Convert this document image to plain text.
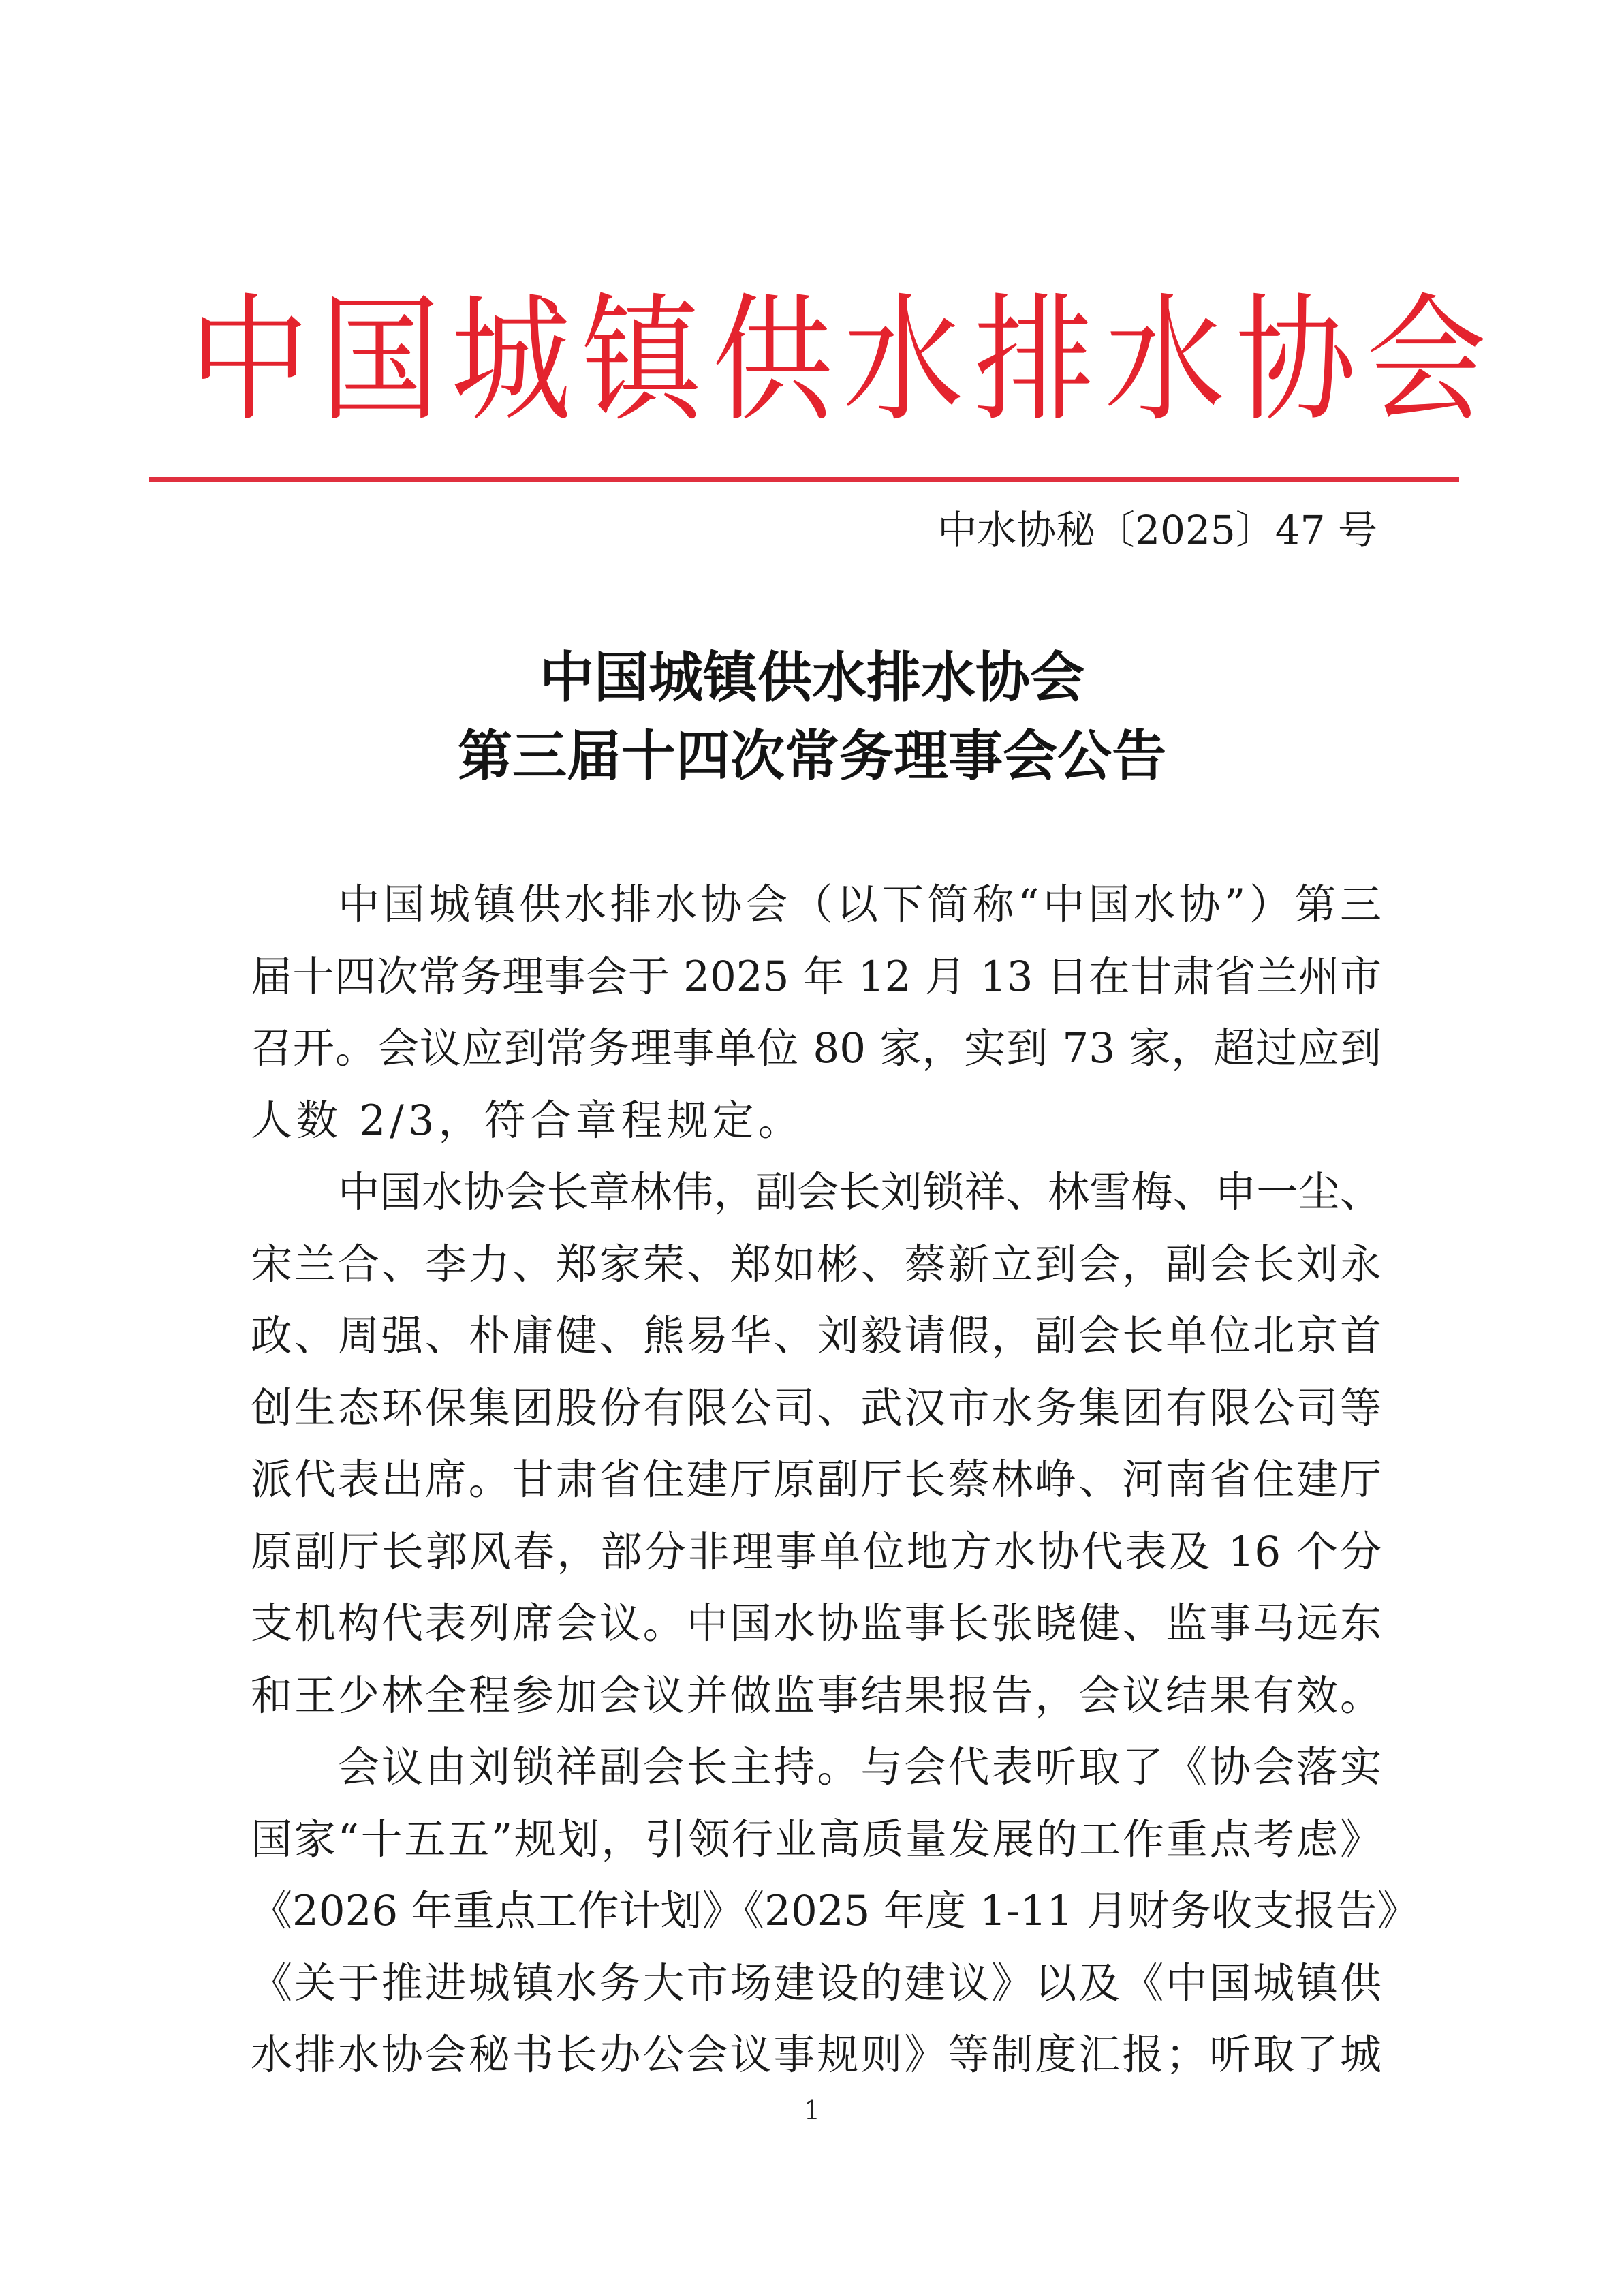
中 国 城 镇 供 水 排 水 协 会
中水协秘〔2025〕47 号
中国城镇供水排水协会
第三届十四次常务理事会公告
中国城镇供水排水协会（以下简称“中国水协”）第三
届十四次常务理事会于 2025 年 12 月 13 日在甘肃省兰州市
召开。会议应到常务理事单位 80 家，实到 73 家，超过应到
人数 2/3，符合章程规定。
中国水协会长章林伟，副会长刘锁祥、林雪梅、申一尘、
宋兰合、李力、郑家荣、郑如彬、蔡新立到会，副会长刘永
政、周强、朴庸健、熊易华、刘毅请假，副会长单位北京首
创生态环保集团股份有限公司、武汉市水务集团有限公司等
派代表出席。甘肃省住建厅原副厅长蔡林峥、河南省住建厅
原副厅长郭风春，部分非理事单位地方水协代表及 16 个分
支机构代表列席会议。中国水协监事长张晓健、监事马远东
和王少林全程参加会议并做监事结果报告，会议结果有效。
会议由刘锁祥副会长主持。与会代表听取了《协会落实
国家“十五五”规划，引领行业高质量发展的工作重点考虑》
《2026 年重点工作计划》《2025 年度 1-11 月财务收支报告》
《关于推进城镇水务大市场建设的建议》以及《中国城镇供
水排水协会秘书长办公会议事规则》等制度汇报；听取了城
1
